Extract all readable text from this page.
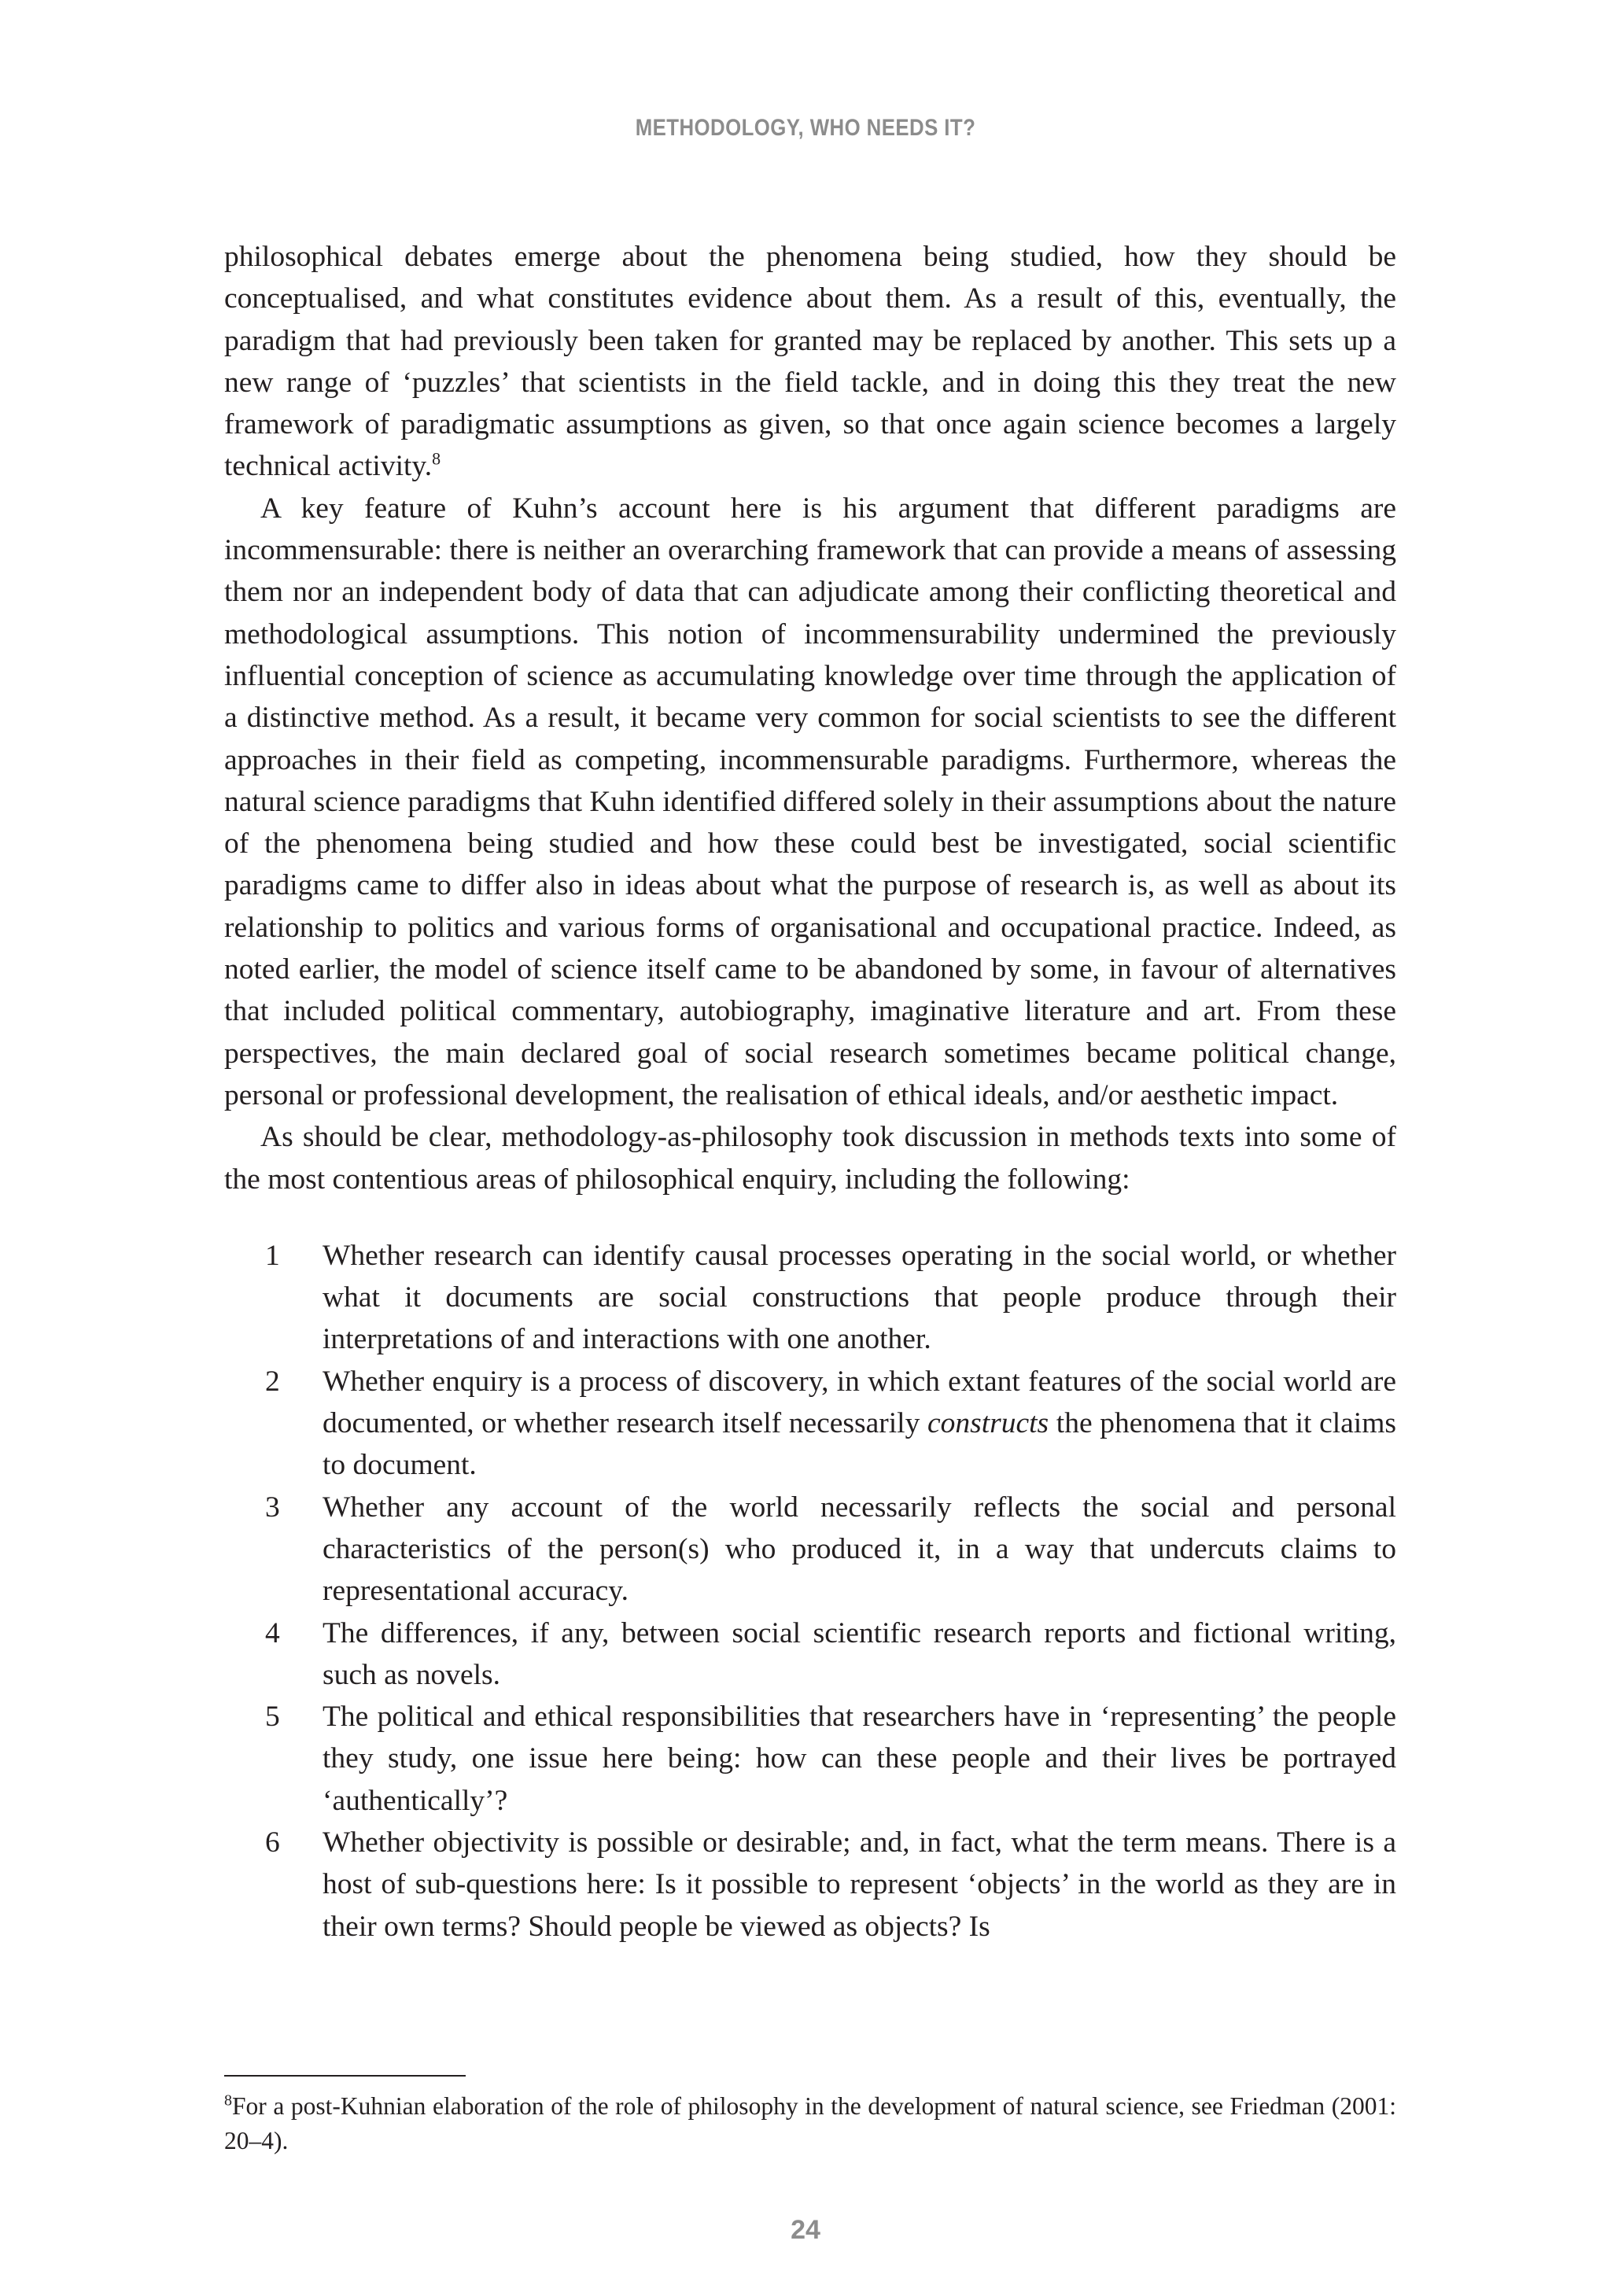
METHODOLOGY, WHO NEEDS IT?

philosophical debates emerge about the phenomena being studied, how they should be conceptualised, and what constitutes evidence about them. As a result of this, eventually, the paradigm that had previously been taken for granted may be replaced by another. This sets up a new range of ‘puzzles’ that scientists in the field tackle, and in doing this they treat the new framework of paradigmatic assumptions as given, so that once again science becomes a largely technical activity.$^8$

A key feature of Kuhn’s account here is his argument that different paradigms are incommensurable: there is neither an overarching framework that can provide a means of assessing them nor an independent body of data that can adjudicate among their conflicting theoretical and methodological assumptions. This notion of incommensurability undermined the previously influential conception of science as accumulating knowledge over time through the application of a distinctive method. As a result, it became very common for social scientists to see the different approaches in their field as competing, incommensurable paradigms. Furthermore, whereas the natural science paradigms that Kuhn identified differed solely in their assumptions about the nature of the phenomena being studied and how these could best be investigated, social scientific paradigms came to differ also in ideas about what the purpose of research is, as well as about its relationship to politics and various forms of organisational and occupational practice. Indeed, as noted earlier, the model of science itself came to be abandoned by some, in favour of alternatives that included political commentary, autobiography, imaginative literature and art. From these perspectives, the main declared goal of social research sometimes became political change, personal or professional development, the realisation of ethical ideals, and/or aesthetic impact.

As should be clear, methodology-as-philosophy took discussion in methods texts into some of the most contentious areas of philosophical enquiry, including the following:

1	Whether research can identify causal processes operating in the social world, or whether what it documents are social constructions that people produce through their interpretations of and interactions with one another.
2	Whether enquiry is a process of discovery, in which extant features of the social world are documented, or whether research itself necessarily constructs the phenomena that it claims to document.
3	Whether any account of the world necessarily reflects the social and personal characteristics of the person(s) who produced it, in a way that undercuts claims to representational accuracy.
4	The differences, if any, between social scientific research reports and fictional writing, such as novels.
5	The political and ethical responsibilities that researchers have in ‘representing’ the people they study, one issue here being: how can these people and their lives be portrayed ‘authentically’?
6	Whether objectivity is possible or desirable; and, in fact, what the term means. There is a host of sub-questions here: Is it possible to represent ‘objects’ in the world as they are in their own terms? Should people be viewed as objects? Is
$^8$For a post-Kuhnian elaboration of the role of philosophy in the development of natural science, see Friedman (2001: 20–4).
24
